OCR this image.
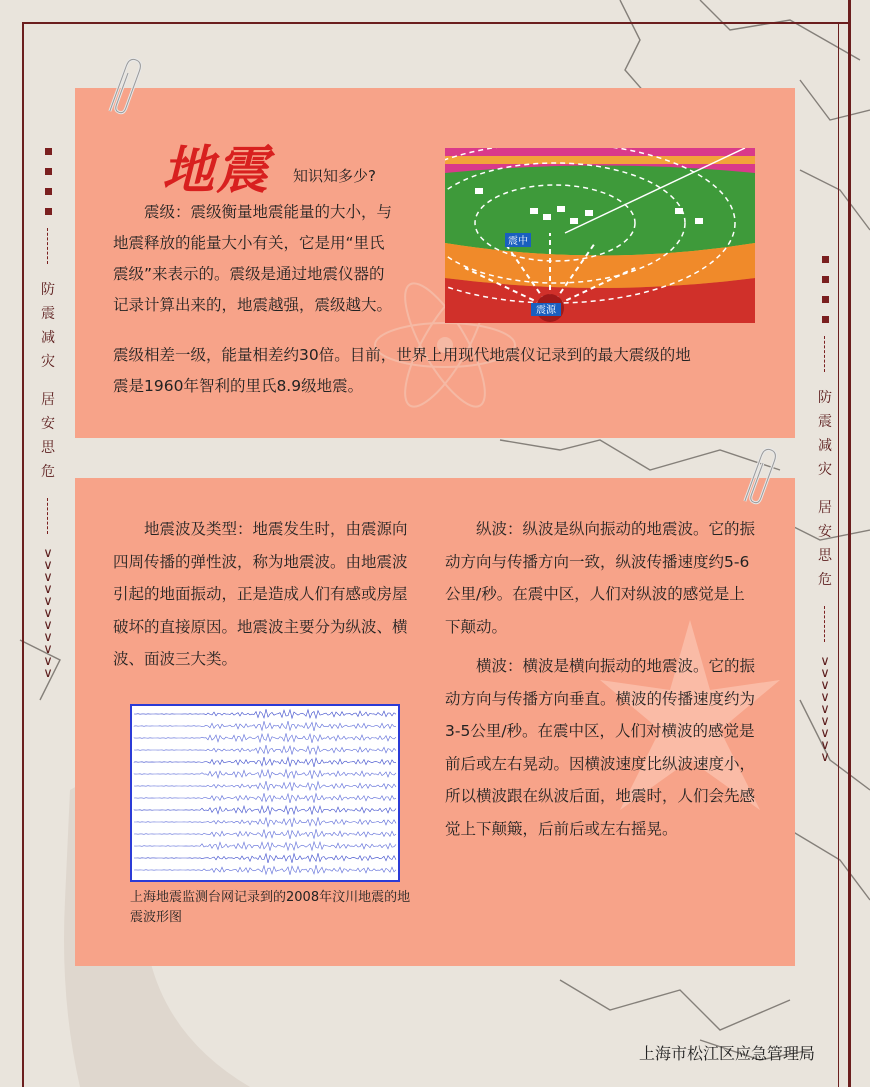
防
震
减
灾
居
安
思
危
∨
∨
∨
∨
∨
∨
∨
∨
∨
∨
∨
防
震
减
灾
居
安
思
危
∨
∨
∨
∨
∨
∨
∨
∨
∨
地震 知识知多少?
震级：震级衡量地震能量的大小，与
地震释放的能量大小有关，它是用“里氏
震级”来表示的。震级是通过地震仪器的
记录计算出来的，地震越强，震级越大。
震级相差一级，能量相差约30倍。目前，世界上用现代地震仪记录到的最大震级的地
震是1960年智利的里氏8.9级地震。
震中
震源
地震波及类型：地震发生时，由震源向四周传播的弹性波，称为地震波。由地震波引起的地面振动，正是造成人们有感或房屋破坏的直接原因。地震波主要分为纵波、横波、面波三大类。
上海地震监测台网记录到的2008年汶川地震的地震波形图
纵波：纵波是纵向振动的地震波。它的振动方向与传播方向一致，纵波传播速度约5-6公里/秒。在震中区，人们对纵波的感觉是上下颠动。
横波：横波是横向振动的地震波。它的振动方向与传播方向垂直。横波的传播速度约为3-5公里/秒。在震中区，人们对横波的感觉是前后或左右晃动。因横波速度比纵波速度小，所以横波跟在纵波后面，地震时，人们会先感觉上下颠簸，后前后或左右摇晃。
上海市松江区应急管理局
